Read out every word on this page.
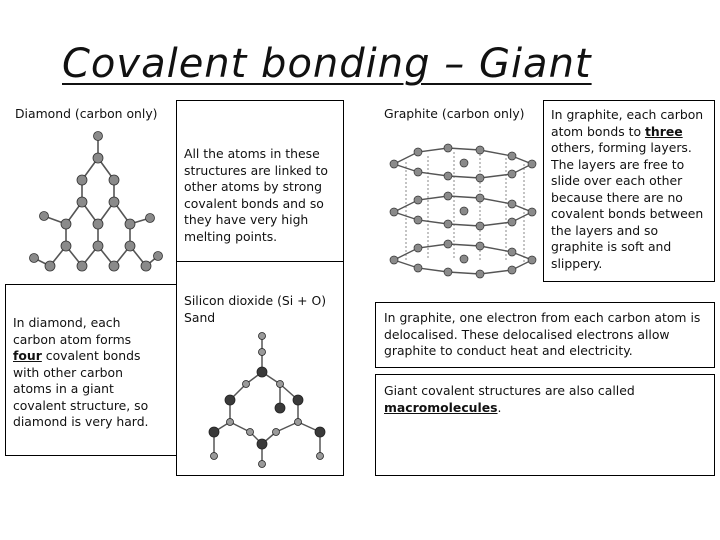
Covalent bonding – Giant
Diamond (carbon only)
In diamond, each carbon atom forms four covalent bonds with other carbon atoms in a giant covalent structure, so diamond is very hard.
All the atoms in these structures are linked to other atoms by strong covalent bonds and so they have very high melting points.
Silicon dioxide (Si + O) Sand
Graphite (carbon only) In graphite, each carbon atom bonds to three others, forming layers. The layers are free to slide over each other because there are no covalent bonds between the layers and so graphite is soft and slippery.
In graphite, one electron from each carbon atom is delocalised. These delocalised electrons allow graphite to conduct heat and electricity.
Giant covalent structures are also called macromolecules.
